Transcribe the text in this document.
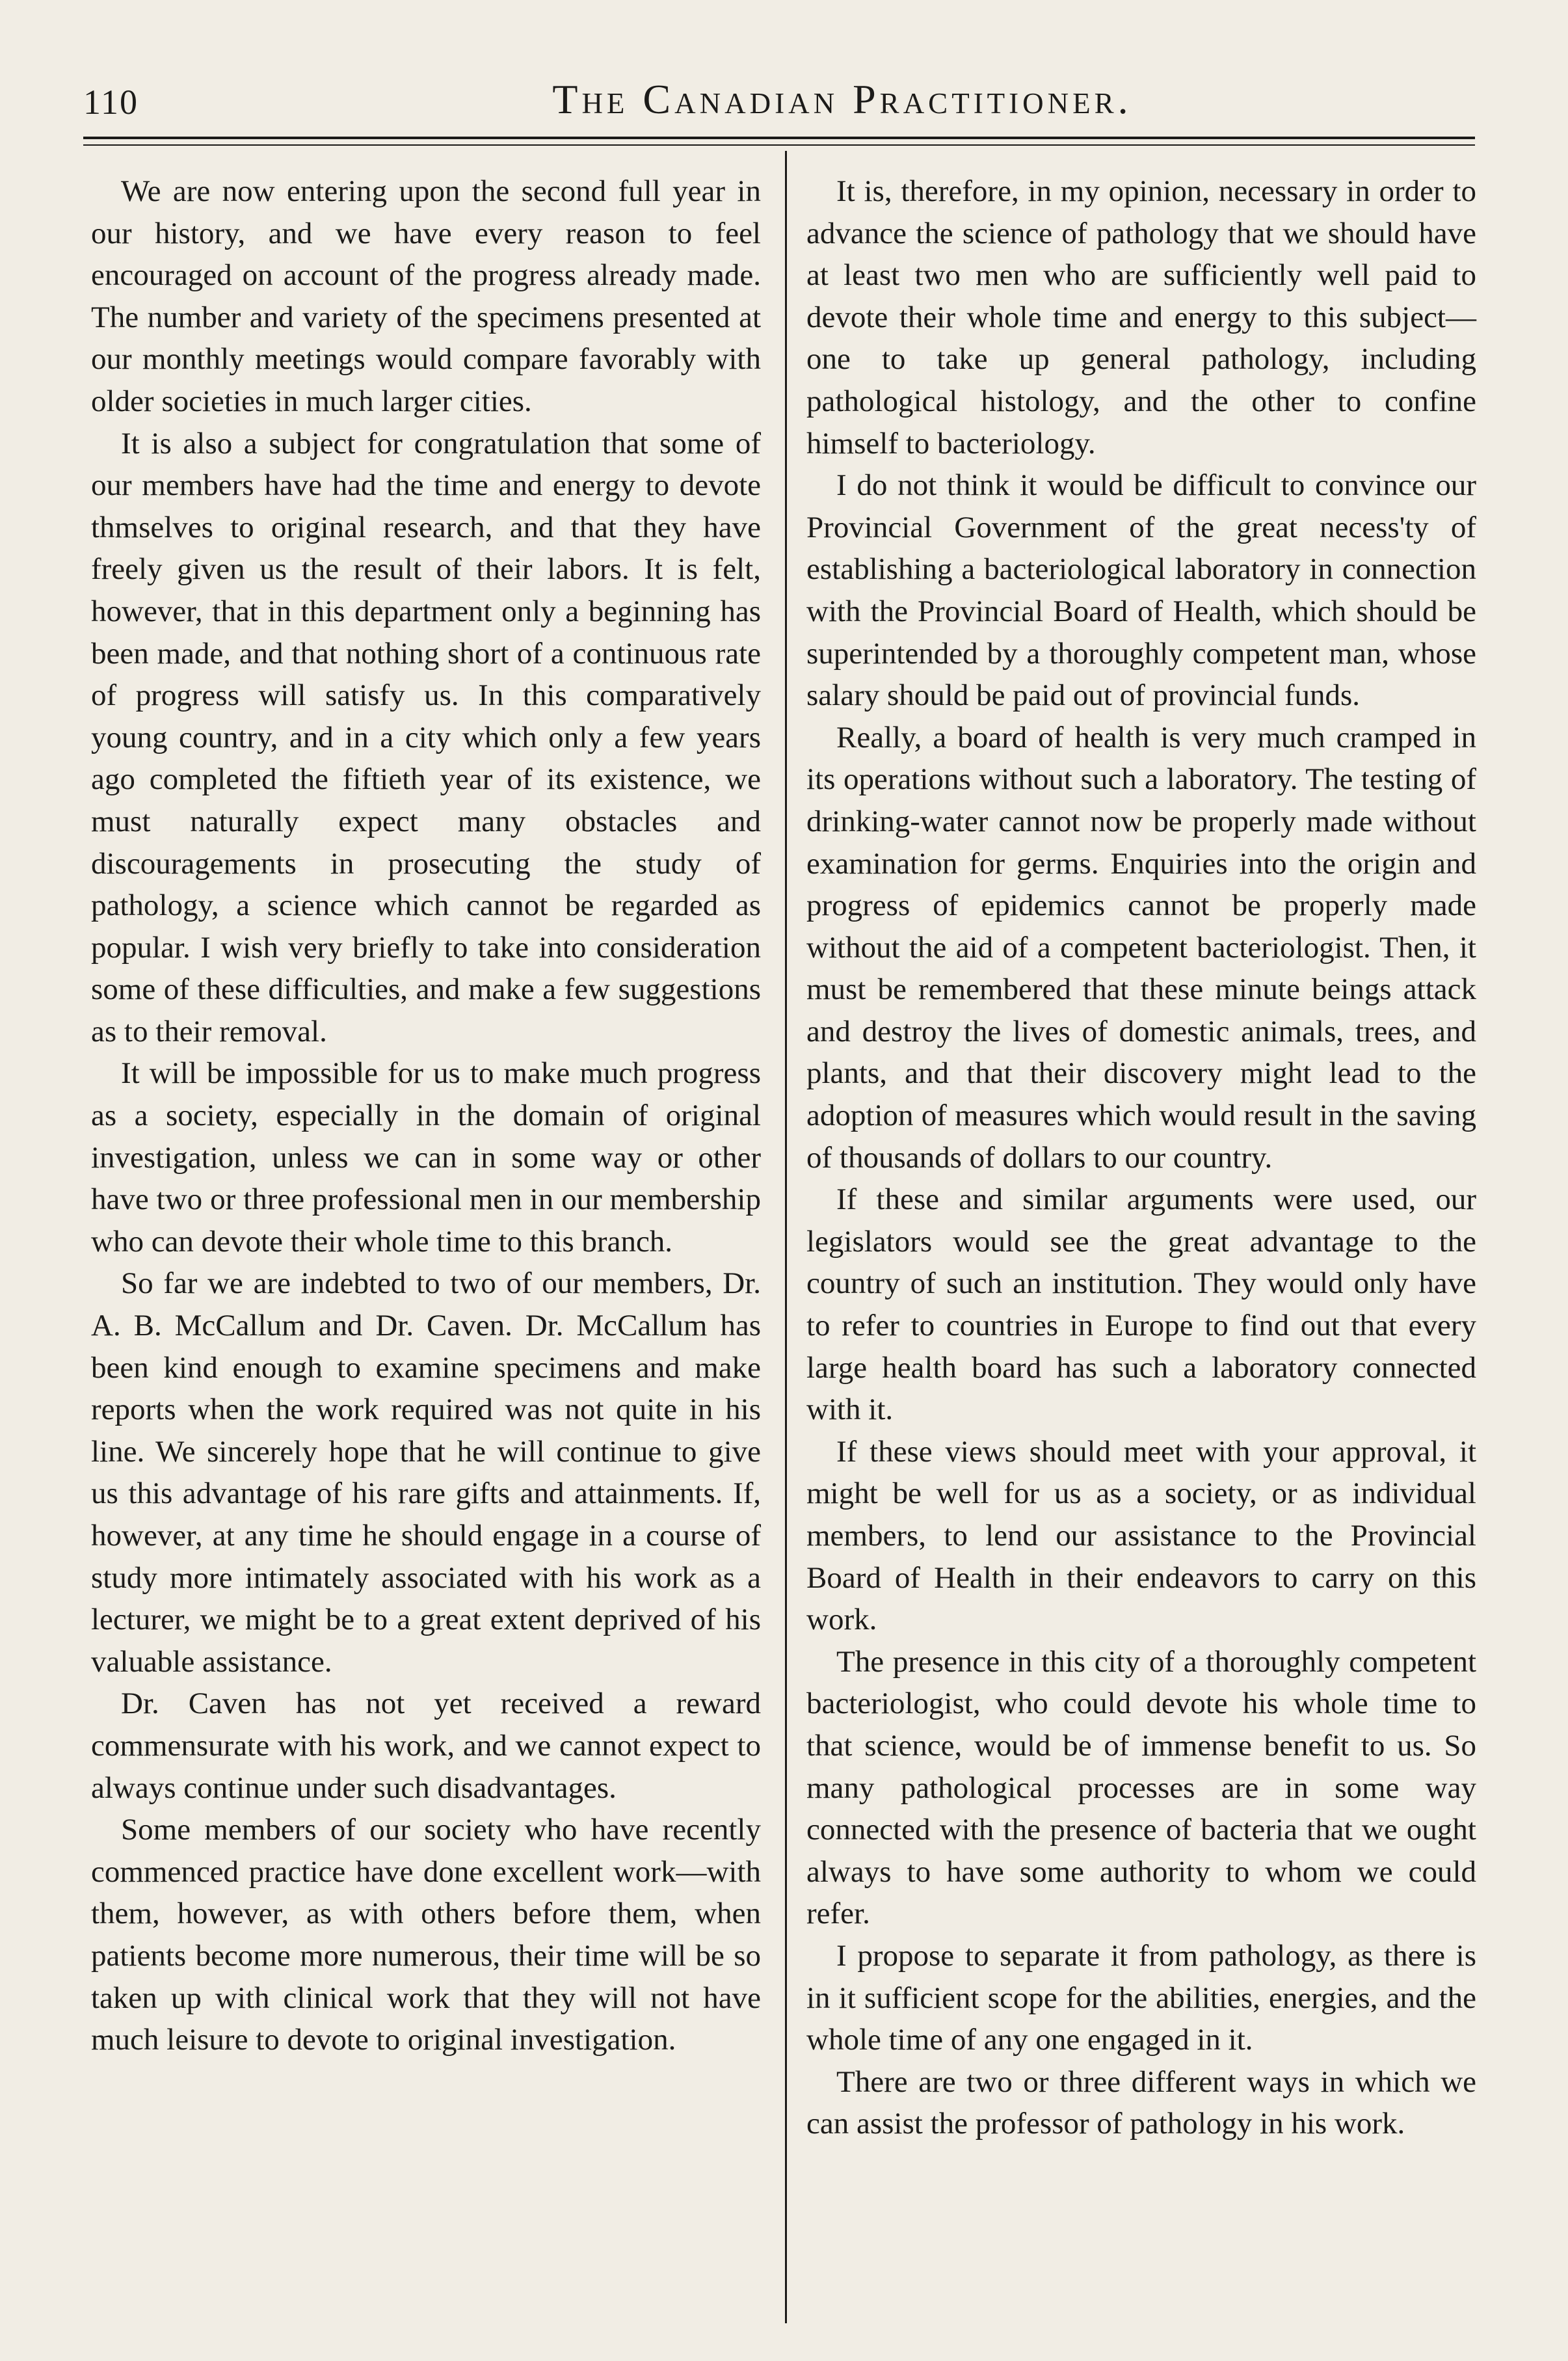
110	The Canadian Practitioner.

We are now entering upon the second full year in our history, and we have every reason to feel encouraged on account of the progress already made. The number and variety of the specimens presented at our monthly meetings would compare favorably with older societies in much larger cities.

It is also a subject for congratulation that some of our members have had the time and energy to devote thmselves to original research, and that they have freely given us the result of their labors. It is felt, however, that in this department only a beginning has been made, and that nothing short of a continuous rate of progress will satisfy us. In this comparatively young country, and in a city which only a few years ago completed the fiftieth year of its existence, we must naturally expect many obstacles and discouragements in prosecuting the study of pathology, a science which cannot be regarded as popular. I wish very briefly to take into consideration some of these difficulties, and make a few suggestions as to their removal.

It will be impossible for us to make much progress as a society, especially in the domain of original investigation, unless we can in some way or other have two or three professional men in our membership who can devote their whole time to this branch.

So far we are indebted to two of our members, Dr. A. B. McCallum and Dr. Caven. Dr. McCallum has been kind enough to examine specimens and make reports when the work required was not quite in his line. We sincerely hope that he will continue to give us this advantage of his rare gifts and attainments. If, however, at any time he should engage in a course of study more intimately associated with his work as a lecturer, we might be to a great extent deprived of his valuable assistance.

Dr. Caven has not yet received a reward commensurate with his work, and we cannot expect to always continue under such disadvantages.

Some members of our society who have recently commenced practice have done excellent work—with them, however, as with others before them, when patients become more numerous, their time will be so taken up with clinical work that they will not have much leisure to devote to original investigation.

It is, therefore, in my opinion, necessary in order to advance the science of pathology that we should have at least two men who are sufficiently well paid to devote their whole time and energy to this subject—one to take up general pathology, including pathological histology, and the other to confine himself to bacteriology.

I do not think it would be difficult to convince our Provincial Government of the great necess'ty of establishing a bacteriological laboratory in connection with the Provincial Board of Health, which should be superintended by a thoroughly competent man, whose salary should be paid out of provincial funds.

Really, a board of health is very much cramped in its operations without such a laboratory. The testing of drinking-water cannot now be properly made without examination for germs. Enquiries into the origin and progress of epidemics cannot be properly made without the aid of a competent bacteriologist. Then, it must be remembered that these minute beings attack and destroy the lives of domestic animals, trees, and plants, and that their discovery might lead to the adoption of measures which would result in the saving of thousands of dollars to our country.

If these and similar arguments were used, our legislators would see the great advantage to the country of such an institution. They would only have to refer to countries in Europe to find out that every large health board has such a laboratory connected with it.

If these views should meet with your approval, it might be well for us as a society, or as individual members, to lend our assistance to the Provincial Board of Health in their endeavors to carry on this work.

The presence in this city of a thoroughly competent bacteriologist, who could devote his whole time to that science, would be of immense benefit to us. So many pathological processes are in some way connected with the presence of bacteria that we ought always to have some authority to whom we could refer.

I propose to separate it from pathology, as there is in it sufficient scope for the abilities, energies, and the whole time of any one engaged in it.

There are two or three different ways in which we can assist the professor of pathology in his work.
